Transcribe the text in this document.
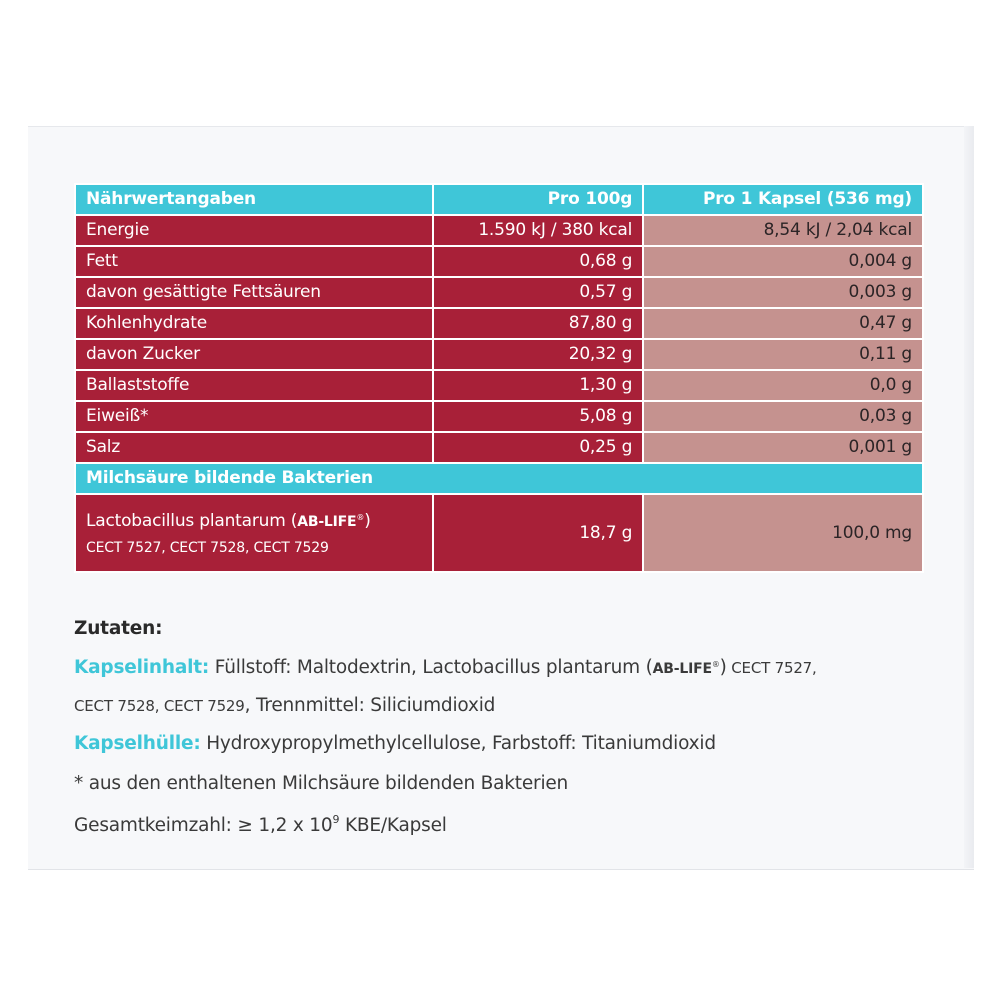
Nährwertangaben	Pro 100g	Pro 1 Kapsel (536 mg)
Energie	1.590 kJ / 380 kcal	8,54 kJ / 2,04 kcal
Fett	0,68 g	0,004 g
davon gesättigte Fettsäuren	0,57 g	0,003 g
Kohlenhydrate	87,80 g	0,47 g
davon Zucker	20,32 g	0,11 g
Ballaststoffe	1,30 g	0,0 g
Eiweiß*	5,08 g	0,03 g
Salz	0,25 g	0,001 g
Milchsäure bildende Bakterien		

Lactobacillus plantarum (AB-LIFE®)
CECT 7527, CECT 7528, CECT 7529	18,7 g	100,0 mg
Zutaten:
Kapselinhalt: Füllstoff: Maltodextrin, Lactobacillus plantarum (AB-LIFE®) CECT 7527,
CECT 7528, CECT 7529, Trennmittel: Siliciumdioxid
Kapselhülle: Hydroxypropylmethylcellulose, Farbstoff: Titaniumdioxid
* aus den enthaltenen Milchsäure bildenden Bakterien
Gesamtkeimzahl: ≥ 1,2 x $10^9$ KBE/Kapsel
